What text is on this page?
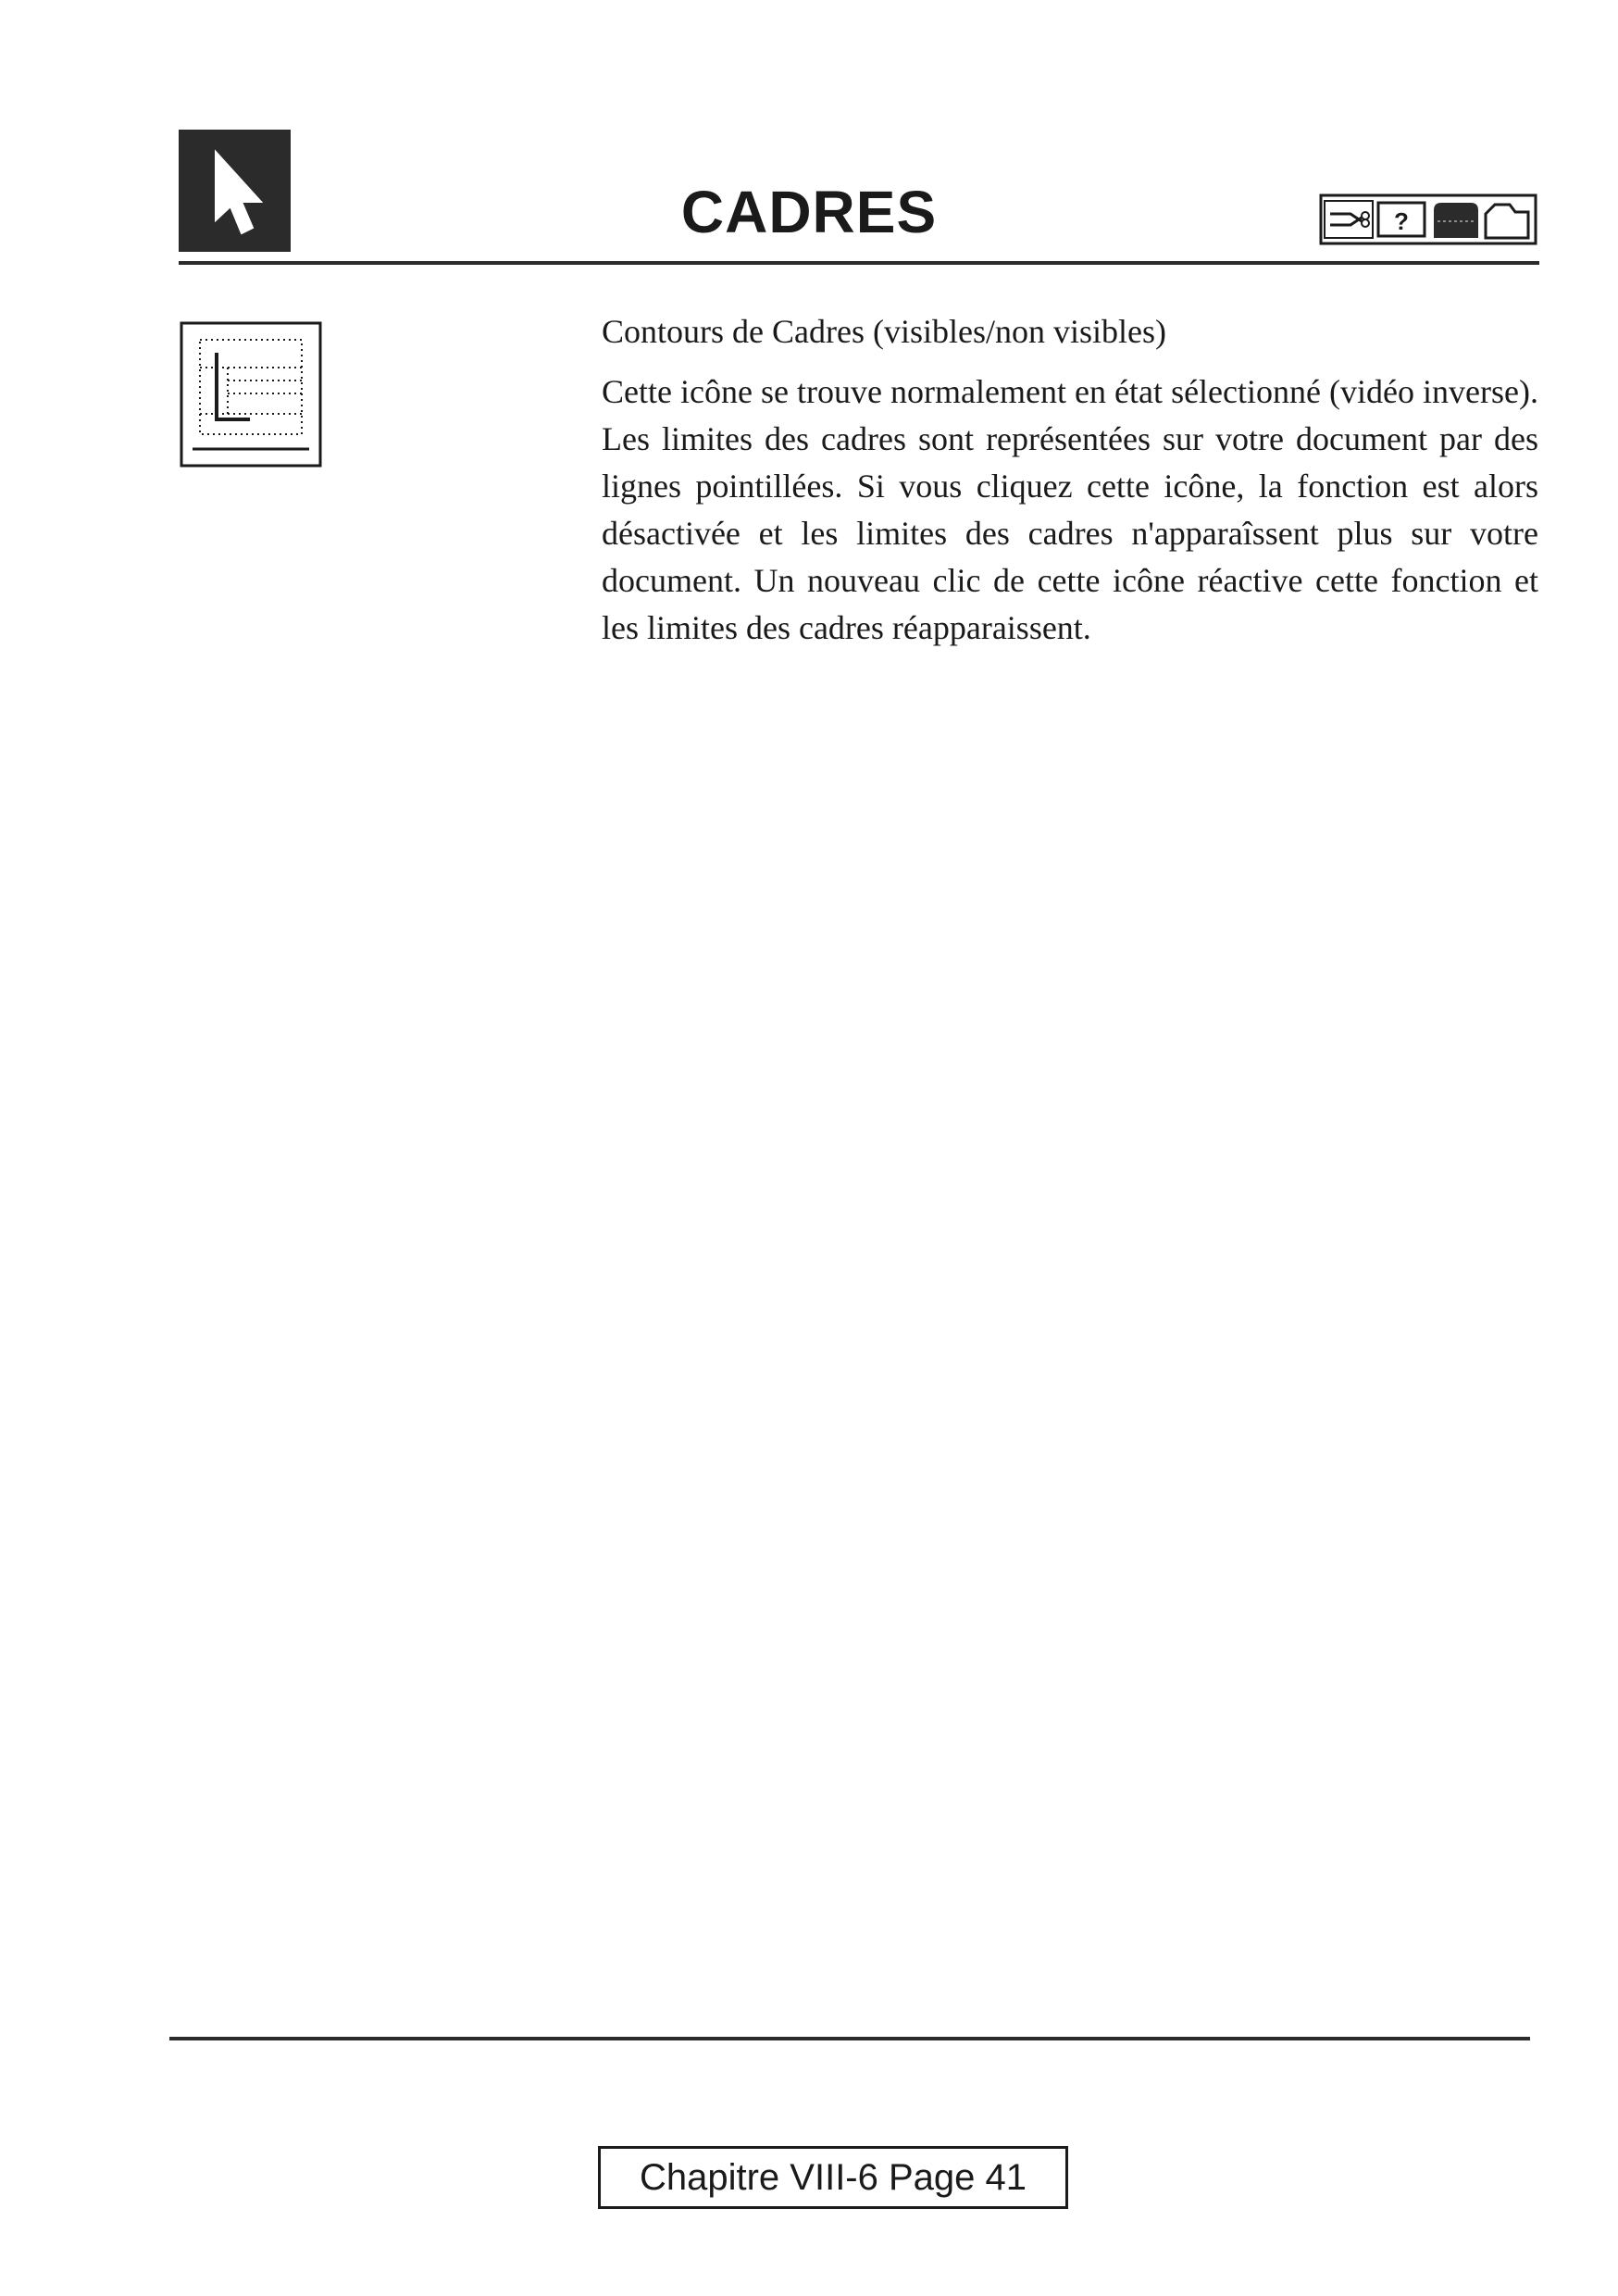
CADRES	?

Contours de Cadres (visibles/non visibles)

Cette icône se trouve normalement en état sélectionné (vidéo inverse). Les limites des cadres sont représentées sur votre document par des lignes pointillées. Si vous cliquez cette icône, la fonction est alors désactivée et les limites des cadres n'apparaîssent plus sur votre document. Un nouveau clic de cette icône réactive cette fonction et les limites des cadres réapparaissent.

Chapitre VIII-6 Page 41
